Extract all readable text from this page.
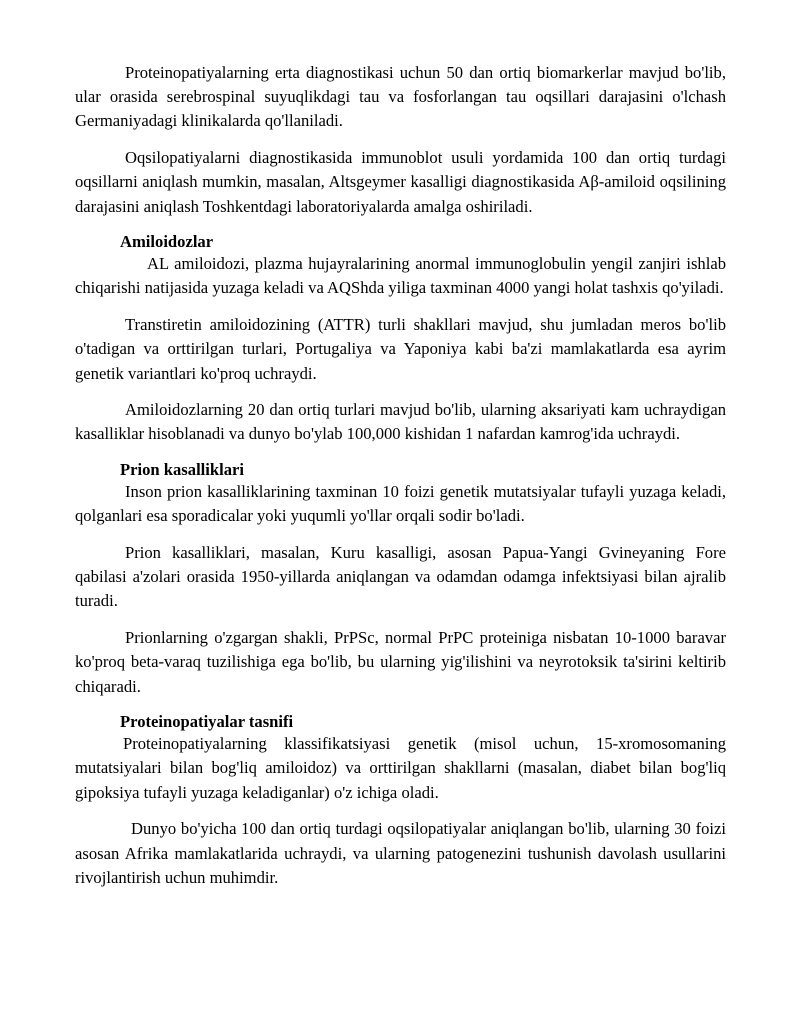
Proteinopatiyalarning erta diagnostikasi uchun 50 dan ortiq biomarkerlar mavjud bo'lib, ular orasida serebrospinal suyuqlikdagi tau va fosforlangan tau oqsillari darajasini o'lchash Germaniyadagi klinikalarda qo'llaniladi.

Oqsilopatiyalarni diagnostikasida immunoblot usuli yordamida 100 dan ortiq turdagi oqsillarni aniqlash mumkin, masalan, Altsgeymer kasalligi diagnostikasida Aβ-amiloid oqsilining darajasini aniqlash Toshkentdagi laboratoriyalarda amalga oshiriladi.

Amiloidozlar

AL amiloidozi, plazma hujayralarining anormal immunoglobulin yengil zanjiri ishlab chiqarishi natijasida yuzaga keladi va AQShda yiliga taxminan 4000 yangi holat tashxis qo'yiladi.

Transtiretin amiloidozining (ATTR) turli shakllari mavjud, shu jumladan meros bo'lib o'tadigan va orttirilgan turlari, Portugaliya va Yaponiya kabi ba'zi mamlakatlarda esa ayrim genetik variantlari ko'proq uchraydi.

Amiloidozlarning 20 dan ortiq turlari mavjud bo'lib, ularning aksariyati kam uchraydigan kasalliklar hisoblanadi va dunyo bo'ylab 100,000 kishidan 1 nafardan kamrog'ida uchraydi.

Prion kasalliklari

Inson prion kasalliklarining taxminan 10 foizi genetik mutatsiyalar tufayli yuzaga keladi, qolganlari esa sporadicalar yoki yuqumli yo'llar orqali sodir bo'ladi.

Prion kasalliklari, masalan, Kuru kasalligi, asosan Papua-Yangi Gvineyaning Fore qabilasi a'zolari orasida 1950-yillarda aniqlangan va odamdan odamga infektsiyasi bilan ajralib turadi.

Prionlarning o'zgargan shakli, PrPSc, normal PrPC proteiniga nisbatan 10-1000 baravar ko'proq beta-varaq tuzilishiga ega bo'lib, bu ularning yig'ilishini va neyrotoksik ta'sirini keltirib chiqaradi.

Proteinopatiyalar tasnifi

Proteinopatiyalarning klassifikatsiyasi genetik (misol uchun, 15-xromosomaning mutatsiyalari bilan bog'liq amiloidoz) va orttirilgan shakllarni (masalan, diabet bilan bog'liq gipoksiya tufayli yuzaga keladiganlar) o'z ichiga oladi.

Dunyo bo'yicha 100 dan ortiq turdagi oqsilopatiyalar aniqlangan bo'lib, ularning 30 foizi asosan Afrika mamlakatlarida uchraydi, va ularning patogenezini tushunish davolash usullarini rivojlantirish uchun muhimdir.
